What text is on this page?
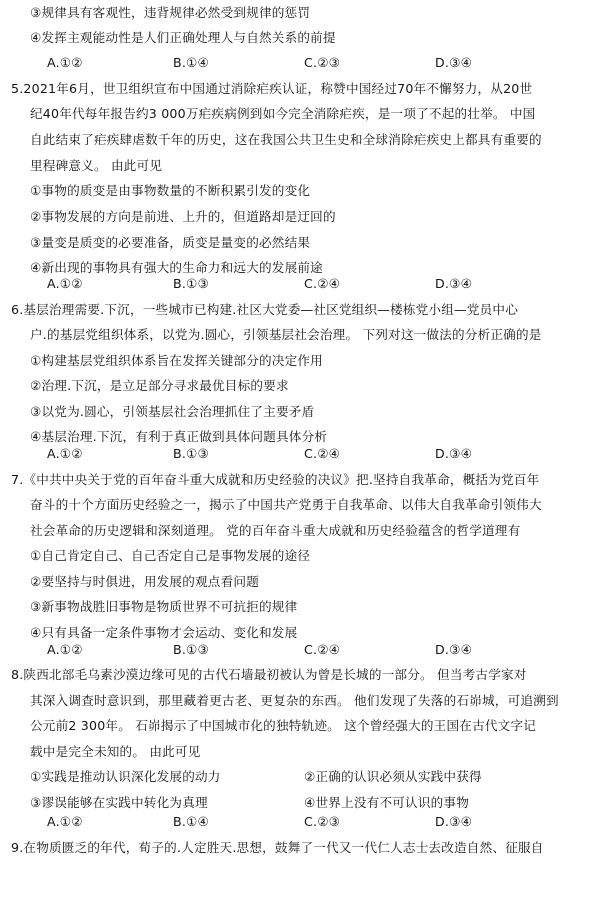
③规律具有客观性，违背规律必然受到规律的惩罚
④发挥主观能动性是人们正确处理人与自然关系的前提
A.①②	B.①④	C.②③	D.③④
5.2021年6月，世卫组织宣布中国通过消除疟疾认证，称赞中国经过70年不懈努力，从20世
纪40年代每年报告约3 000万疟疾病例到如今完全消除疟疾，是一项了不起的壮举。 中国
自此结束了疟疾肆虐数千年的历史，这在我国公共卫生史和全球消除疟疾史上都具有重要的
里程碑意义。 由此可见
①事物的质变是由事物数量的不断积累引发的变化
②事物发展的方向是前进、上升的，但道路却是迂回的
③量变是质变的必要准备，质变是量变的必然结果
④新出现的事物具有强大的生命力和远大的发展前途
A.①②	B.①③	C.②④	D.③④
6.基层治理需要.下沉，一些城市已构建.社区大党委—社区党组织—楼栋党小组—党员中心
户.的基层党组织体系，以党为.圆心，引领基层社会治理。 下列对这一做法的分析正确的是
①构建基层党组织体系旨在发挥关键部分的决定作用
②治理.下沉，是立足部分寻求最优目标的要求
③以党为.圆心，引领基层社会治理抓住了主要矛盾
④基层治理.下沉，有利于真正做到具体问题具体分析
A.①②	B.①③	C.②④	D.③④
7.《中共中央关于党的百年奋斗重大成就和历史经验的决议》把.坚持自我革命，概括为党百年
奋斗的十个方面历史经验之一，揭示了中国共产党勇于自我革命、以伟大自我革命引领伟大
社会革命的历史逻辑和深刻道理。 党的百年奋斗重大成就和历史经验蕴含的哲学道理有
①自己肯定自己、自己否定自己是事物发展的途径
②要坚持与时俱进，用发展的观点看问题
③新事物战胜旧事物是物质世界不可抗拒的规律
④只有具备一定条件事物才会运动、变化和发展
A.①②	B.①③	C.②④	D.③④
8.陕西北部毛乌素沙漠边缘可见的古代石墙最初被认为曾是长城的一部分。 但当考古学家对
其深入调查时意识到，那里藏着更古老、更复杂的东西。 他们发现了失落的石峁城，可追溯到
公元前2 300年。 石峁揭示了中国城市化的独特轨迹。 这个曾经强大的王国在古代文字记
载中是完全未知的。 由此可见
①实践是推动认识深化发展的动力	②正确的认识必须从实践中获得
③谬误能够在实践中转化为真理	④世界上没有不可认识的事物
A.①②	B.①④	C.②③	D.③④
9.在物质匮乏的年代，荀子的.人定胜天.思想，鼓舞了一代又一代仁人志士去改造自然、征服自
